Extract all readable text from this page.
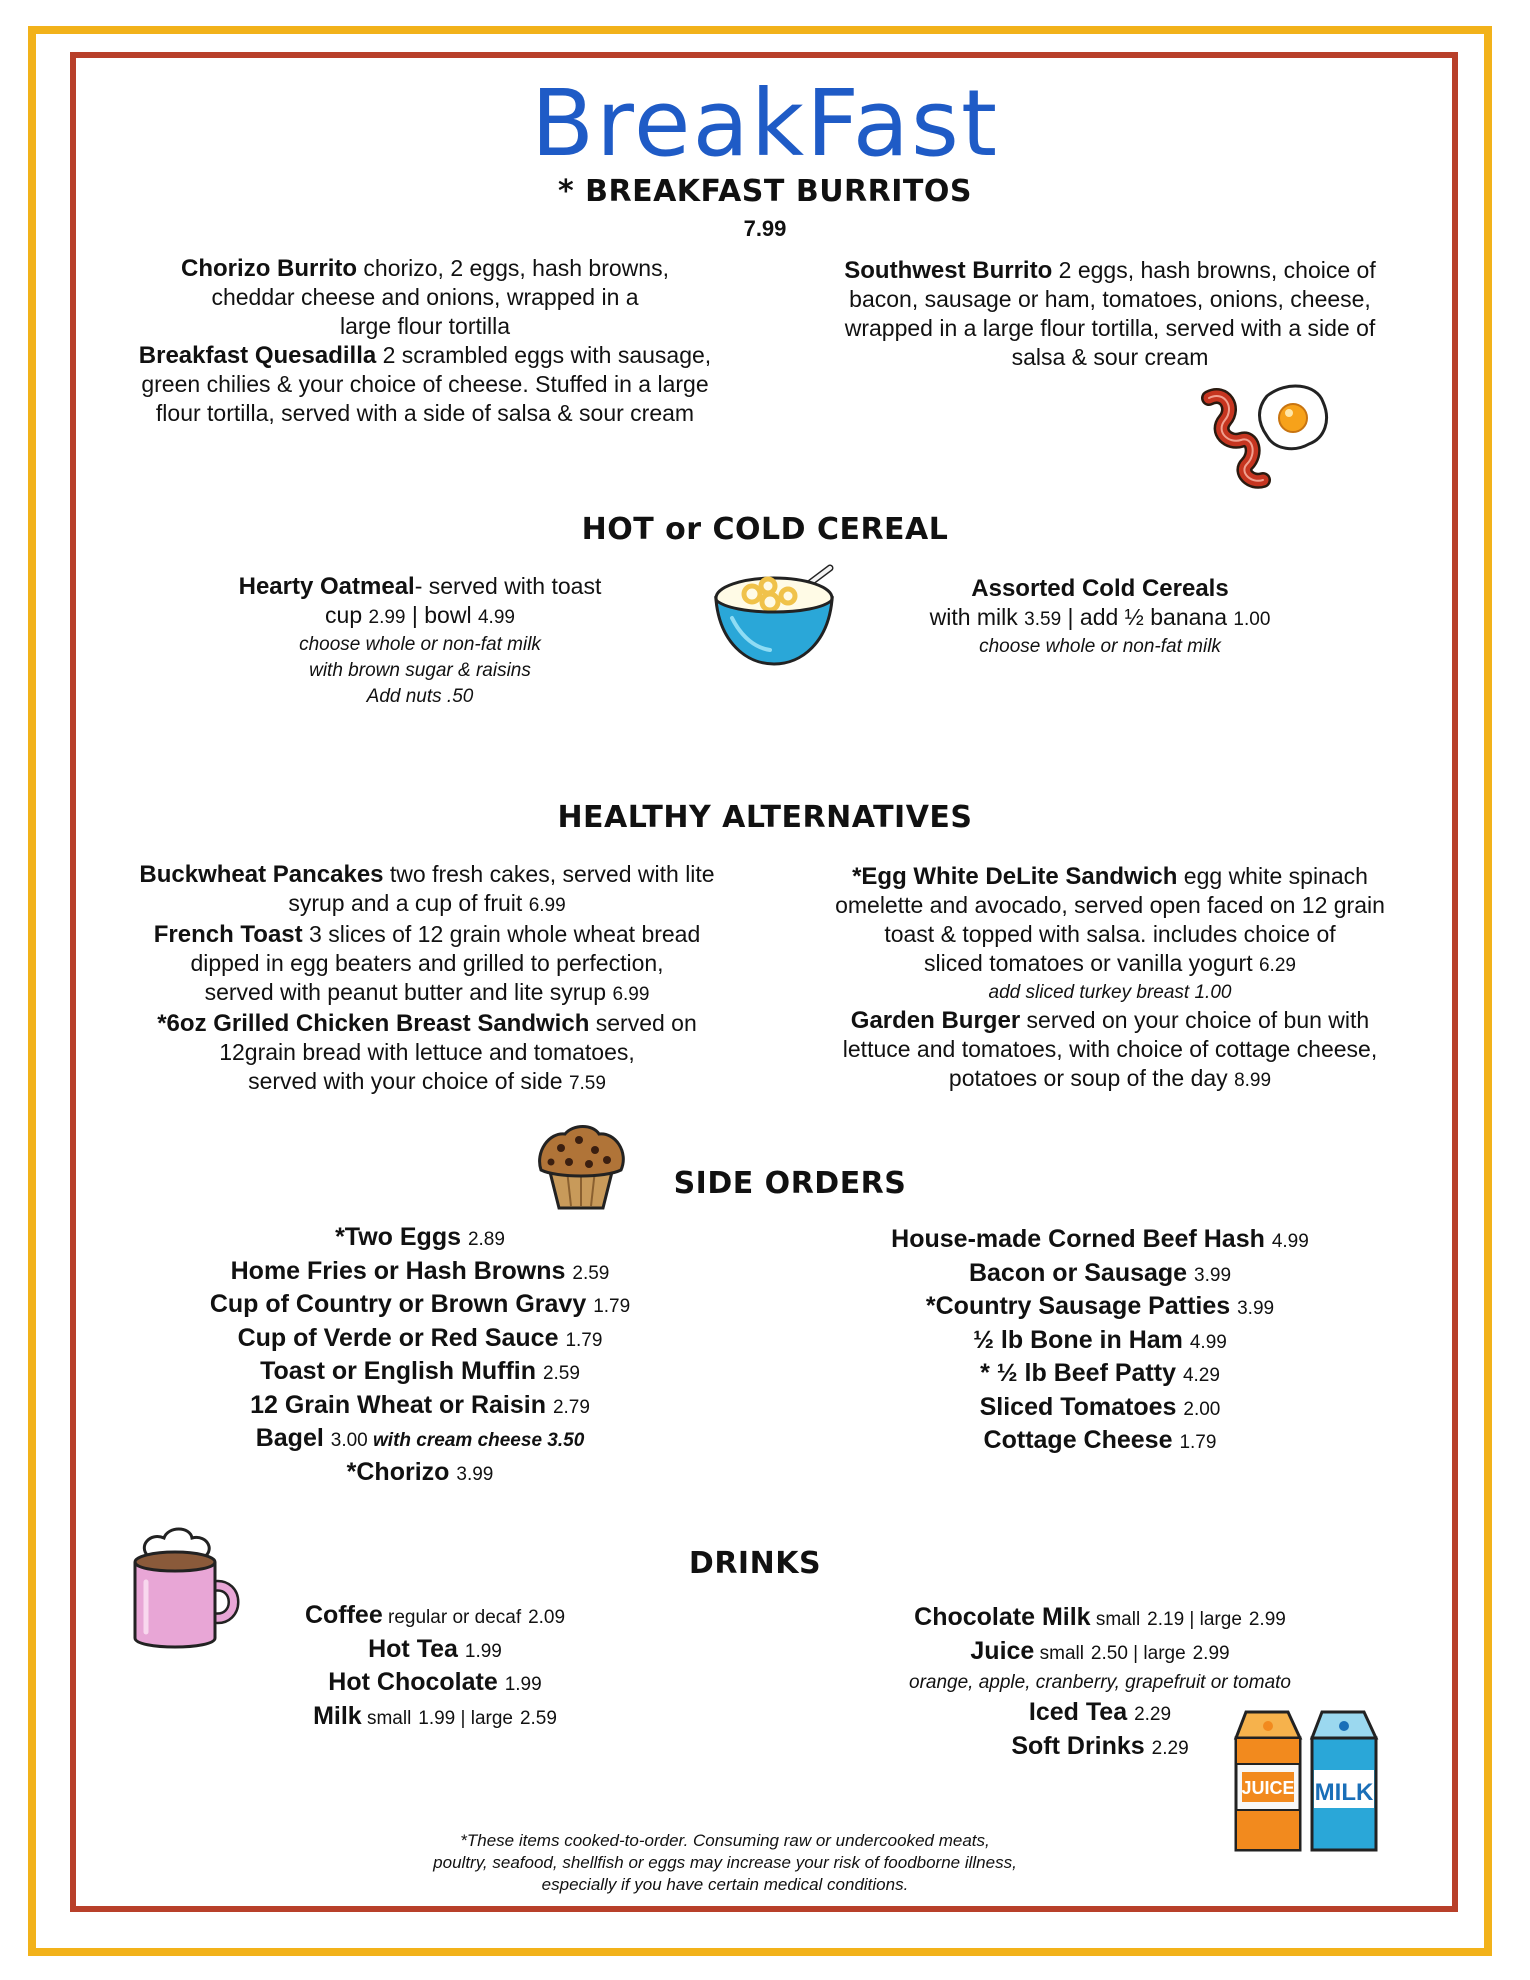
BreakFast
* BREAKFAST BURRITOS
7.99
Chorizo Burrito chorizo, 2 eggs, hash browns,
cheddar cheese and onions, wrapped in a
large flour tortilla
Breakfast Quesadilla 2 scrambled eggs with sausage,
green chilies & your choice of cheese. Stuffed in a large
flour tortilla, served with a side of salsa & sour cream
Southwest Burrito 2 eggs, hash browns, choice of
bacon, sausage or ham, tomatoes, onions, cheese,
wrapped in a large flour tortilla, served with a side of
salsa & sour cream
HOT or COLD CEREAL
Hearty Oatmeal- served with toast
cup 2.99 | bowl 4.99
choose whole or non-fat milk
with brown sugar & raisins
Add nuts .50
Assorted Cold Cereals
with milk 3.59 | add ½ banana 1.00
choose whole or non-fat milk
HEALTHY ALTERNATIVES
Buckwheat Pancakes two fresh cakes, served with lite
syrup and a cup of fruit 6.99
French Toast 3 slices of 12 grain whole wheat bread
dipped in egg beaters and grilled to perfection,
served with peanut butter and lite syrup 6.99
*6oz Grilled Chicken Breast Sandwich served on
12grain bread with lettuce and tomatoes,
served with your choice of side 7.59
*Egg White DeLite Sandwich egg white spinach
omelette and avocado, served open faced on 12 grain
toast & topped with salsa. includes choice of
sliced tomatoes or vanilla yogurt 6.29
add sliced turkey breast 1.00
Garden Burger served on your choice of bun with
lettuce and tomatoes, with choice of cottage cheese,
potatoes or soup of the day 8.99
SIDE ORDERS
*Two Eggs 2.89
Home Fries or Hash Browns 2.59
Cup of Country or Brown Gravy 1.79
Cup of Verde or Red Sauce 1.79
Toast or English Muffin 2.59
12 Grain Wheat or Raisin 2.79
Bagel 3.00 with cream cheese 3.50
*Chorizo 3.99
House-made Corned Beef Hash 4.99
Bacon or Sausage 3.99
*Country Sausage Patties 3.99
½ lb Bone in Ham 4.99
* ½ lb Beef Patty 4.29
Sliced Tomatoes 2.00
Cottage Cheese 1.79
DRINKS
Coffee regular or decaf 2.09
Hot Tea 1.99
Hot Chocolate 1.99
Milk small 1.99 | large 2.59
Chocolate Milk small 2.19 | large 2.99
Juice small 2.50 | large 2.99
orange, apple, cranberry, grapefruit or tomato
Iced Tea 2.29
Soft Drinks 2.29
JUICE MILK
*These items cooked-to-order. Consuming raw or undercooked meats,
poultry, seafood, shellfish or eggs may increase your risk of foodborne illness,
especially if you have certain medical conditions.
